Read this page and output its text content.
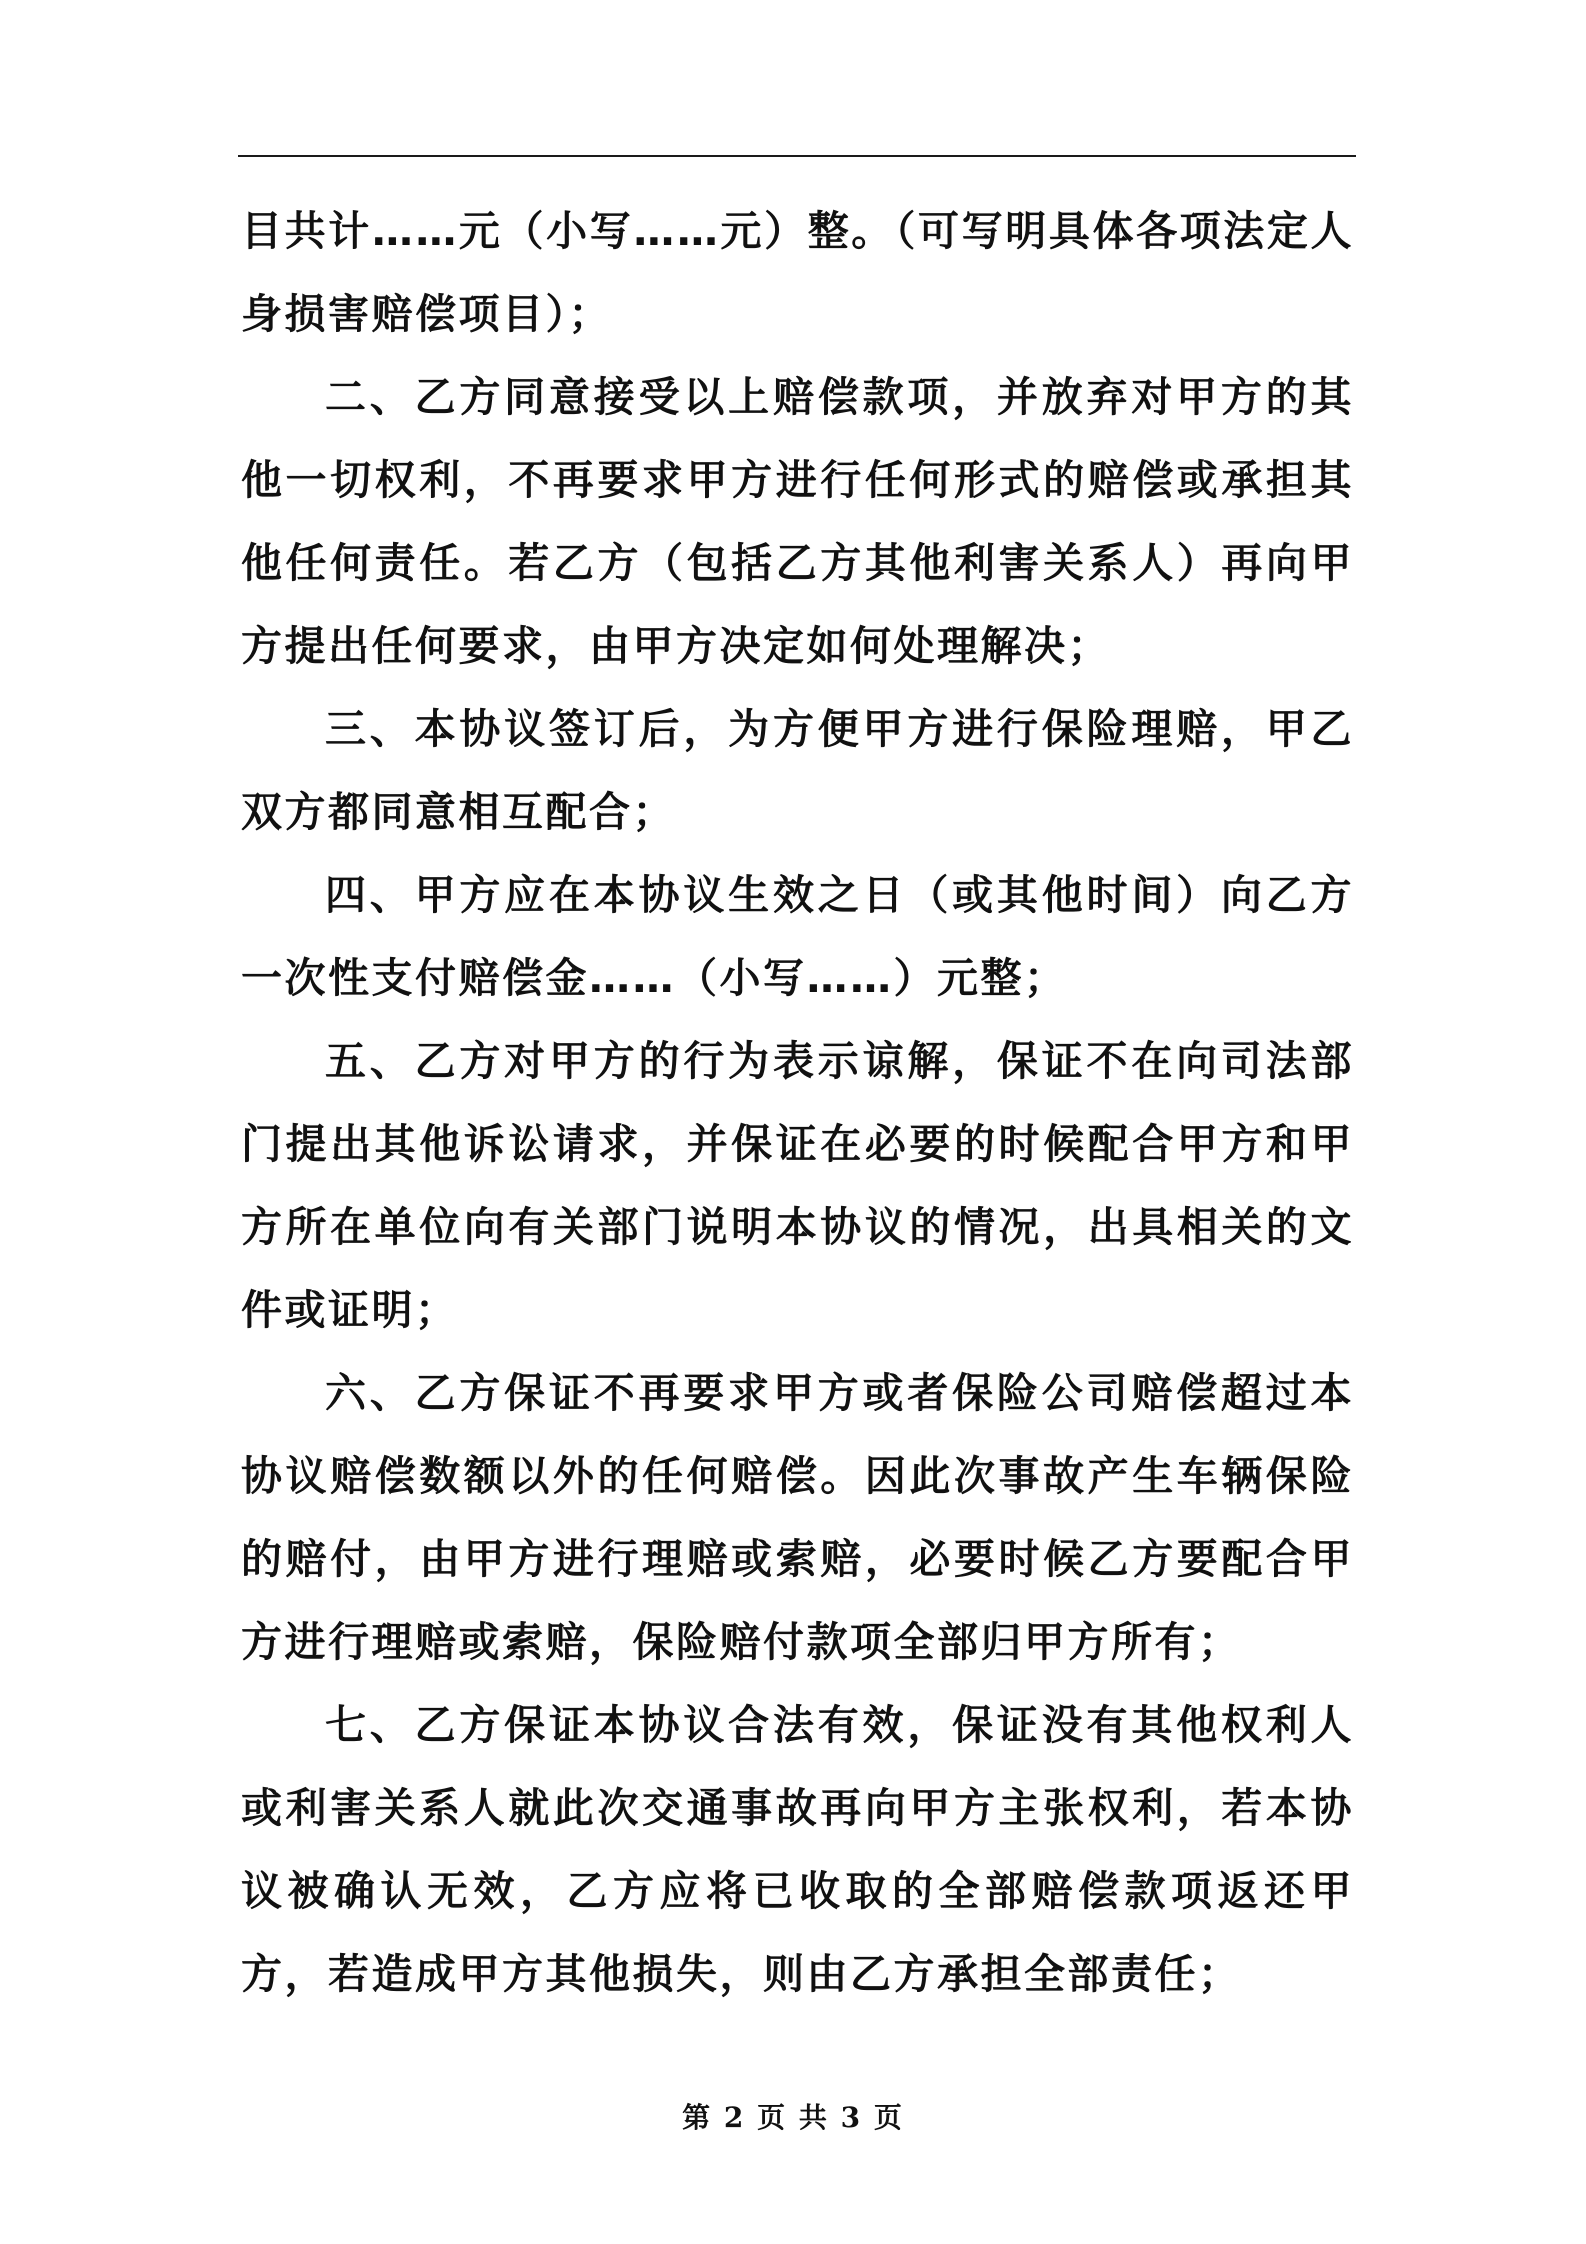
目共计……元（小写……元）整。（可写明具体各项法定人身损害赔偿项目）；

二、乙方同意接受以上赔偿款项，并放弃对甲方的其他一切权利，不再要求甲方进行任何形式的赔偿或承担其他任何责任。若乙方（包括乙方其他利害关系人）再向甲方提出任何要求，由甲方决定如何处理解决；

三、本协议签订后，为方便甲方进行保险理赔，甲乙双方都同意相互配合；

四、甲方应在本协议生效之日（或其他时间）向乙方一次性支付赔偿金……（小写……）元整；

五、乙方对甲方的行为表示谅解，保证不在向司法部门提出其他诉讼请求，并保证在必要的时候配合甲方和甲方所在单位向有关部门说明本协议的情况，出具相关的文件或证明；

六、乙方保证不再要求甲方或者保险公司赔偿超过本协议赔偿数额以外的任何赔偿。因此次事故产生车辆保险的赔付，由甲方进行理赔或索赔，必要时候乙方要配合甲方进行理赔或索赔，保险赔付款项全部归甲方所有；

七、乙方保证本协议合法有效，保证没有其他权利人或利害关系人就此次交通事故再向甲方主张权利，若本协议被确认无效，乙方应将已收取的全部赔偿款项返还甲方，若造成甲方其他损失，则由乙方承担全部责任；

第 2 页 共 3 页
